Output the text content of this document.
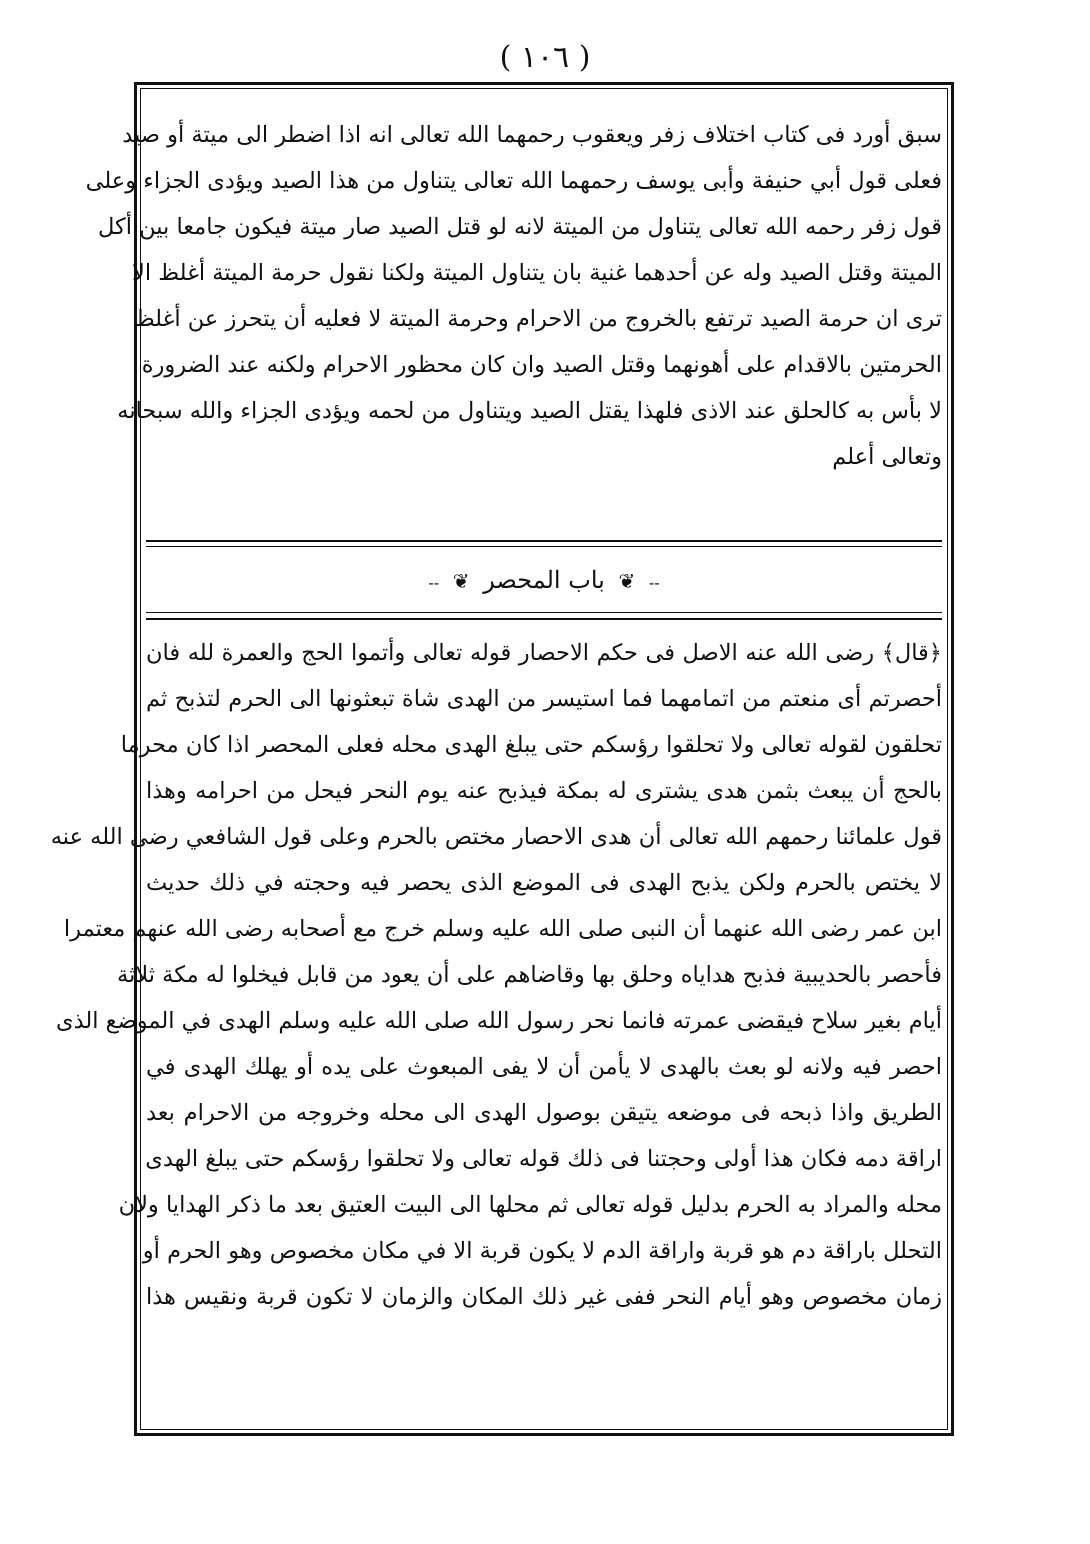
( ١٠٦ )
سبق أورد فى كتاب اختلاف زفر ويعقوب رحمهما الله تعالى انه اذا اضطر الى ميتة أو صيد
فعلى قول أبي حنيفة وأبى يوسف رحمهما الله تعالى يتناول من هذا الصيد ويؤدى الجزاء وعلى
قول زفر رحمه الله تعالى يتناول من الميتة لانه لو قتل الصيد صار ميتة فيكون جامعا بين أكل
الميتة وقتل الصيد وله عن أحدهما غنية بان يتناول الميتة ولكنا نقول حرمة الميتة أغلظ الا
ترى ان حرمة الصيد ترتفع بالخروج من الاحرام وحرمة الميتة لا فعليه أن يتحرز عن أغلظ
الحرمتين بالاقدام على أهونهما وقتل الصيد وان كان محظور الاحرام ولكنه عند الضرورة
لا بأس به كالحلق عند الاذى فلهذا يقتل الصيد ويتناول من لحمه ويؤدى الجزاء والله سبحانه
وتعالى أعلم
-- ❦ باب المحصر ❦ --
﴿قال﴾ رضى الله عنه الاصل فى حكم الاحصار قوله تعالى وأتموا الحج والعمرة لله فان
أحصرتم أى منعتم من اتمامهما فما استيسر من الهدى شاة تبعثونها الى الحرم لتذبح ثم
تحلقون لقوله تعالى ولا تحلقوا رؤسكم حتى يبلغ الهدى محله فعلى المحصر اذا كان محرما
بالحج أن يبعث بثمن هدى يشترى له بمكة فيذبح عنه يوم النحر فيحل من احرامه وهذا
قول علمائنا رحمهم الله تعالى أن هدى الاحصار مختص بالحرم وعلى قول الشافعي رضى الله عنه
لا يختص بالحرم ولكن يذبح الهدى فى الموضع الذى يحصر فيه وحجته في ذلك حديث
ابن عمر رضى الله عنهما أن النبى صلى الله عليه وسلم خرج مع أصحابه رضى الله عنهم معتمرا
فأحصر بالحديبية فذبح هداياه وحلق بها وقاضاهم على أن يعود من قابل فيخلوا له مكة ثلاثة
أيام بغير سلاح فيقضى عمرته فانما نحر رسول الله صلى الله عليه وسلم الهدى في الموضع الذى
احصر فيه ولانه لو بعث بالهدى لا يأمن أن لا يفى المبعوث على يده أو يهلك الهدى في
الطريق واذا ذبحه فى موضعه يتيقن بوصول الهدى الى محله وخروجه من الاحرام بعد
اراقة دمه فكان هذا أولى وحجتنا فى ذلك قوله تعالى ولا تحلقوا رؤسكم حتى يبلغ الهدى
محله والمراد به الحرم بدليل قوله تعالى ثم محلها الى البيت العتيق بعد ما ذكر الهدايا ولان
التحلل باراقة دم هو قربة واراقة الدم لا يكون قربة الا في مكان مخصوص وهو الحرم أو
زمان مخصوص وهو أيام النحر ففى غير ذلك المكان والزمان لا تكون قربة ونقيس هذا
